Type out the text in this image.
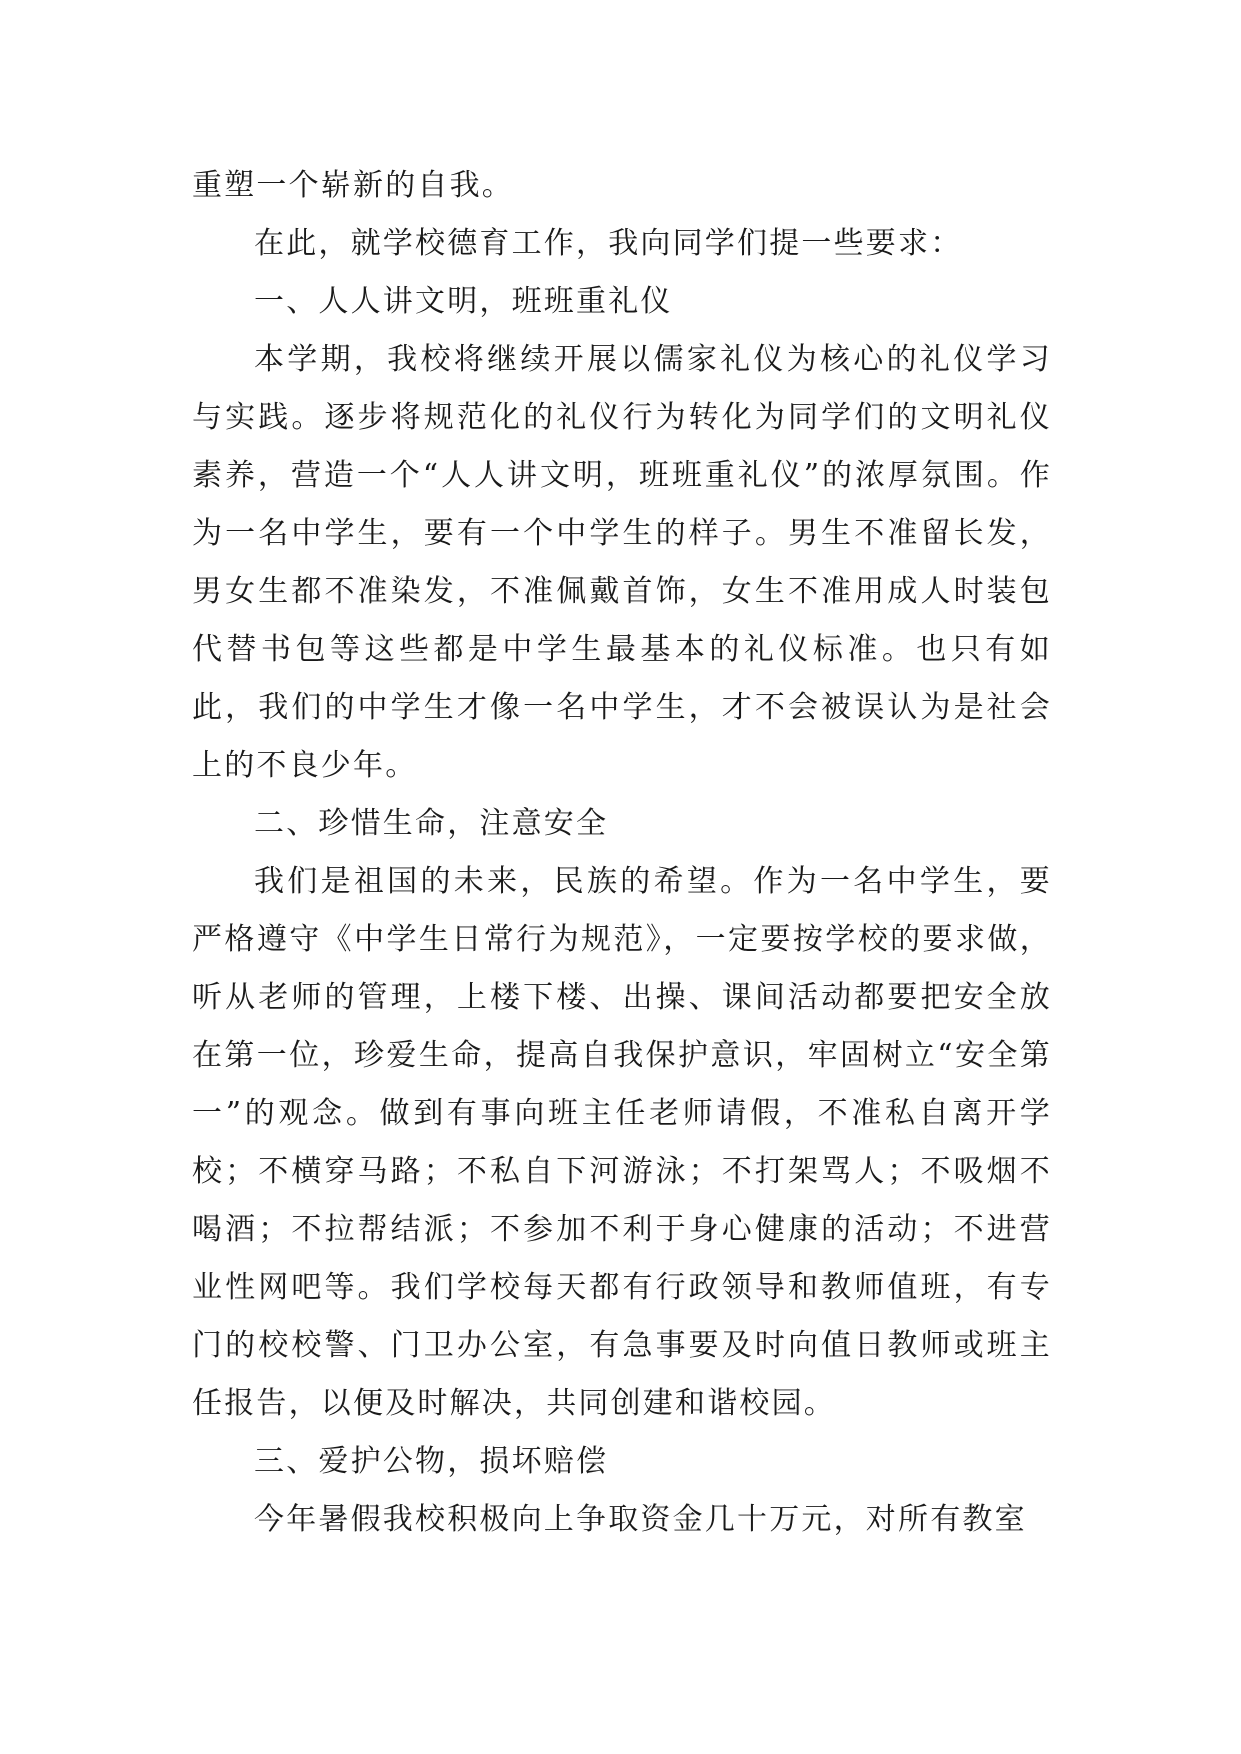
重塑一个崭新的自我。

在此，就学校德育工作，我向同学们提一些要求：

一、人人讲文明，班班重礼仪

本学期，我校将继续开展以儒家礼仪为核心的礼仪学习与实践。逐步将规范化的礼仪行为转化为同学们的文明礼仪素养，营造一个“人人讲文明，班班重礼仪”的浓厚氛围。作为一名中学生，要有一个中学生的样子。男生不准留长发，男女生都不准染发，不准佩戴首饰，女生不准用成人时装包代替书包等这些都是中学生最基本的礼仪标准。也只有如此，我们的中学生才像一名中学生，才不会被误认为是社会上的不良少年。

二、珍惜生命，注意安全

我们是祖国的未来，民族的希望。作为一名中学生，要严格遵守《中学生日常行为规范》，一定要按学校的要求做，听从老师的管理，上楼下楼、出操、课间活动都要把安全放在第一位，珍爱生命，提高自我保护意识，牢固树立“安全第一”的观念。做到有事向班主任老师请假，不准私自离开学校；不横穿马路；不私自下河游泳；不打架骂人；不吸烟不喝酒；不拉帮结派；不参加不利于身心健康的活动；不进营业性网吧等。我们学校每天都有行政领导和教师值班，有专门的校校警、门卫办公室，有急事要及时向值日教师或班主任报告，以便及时解决，共同创建和谐校园。

三、爱护公物，损坏赔偿

今年暑假我校积极向上争取资金几十万元，对所有教室
